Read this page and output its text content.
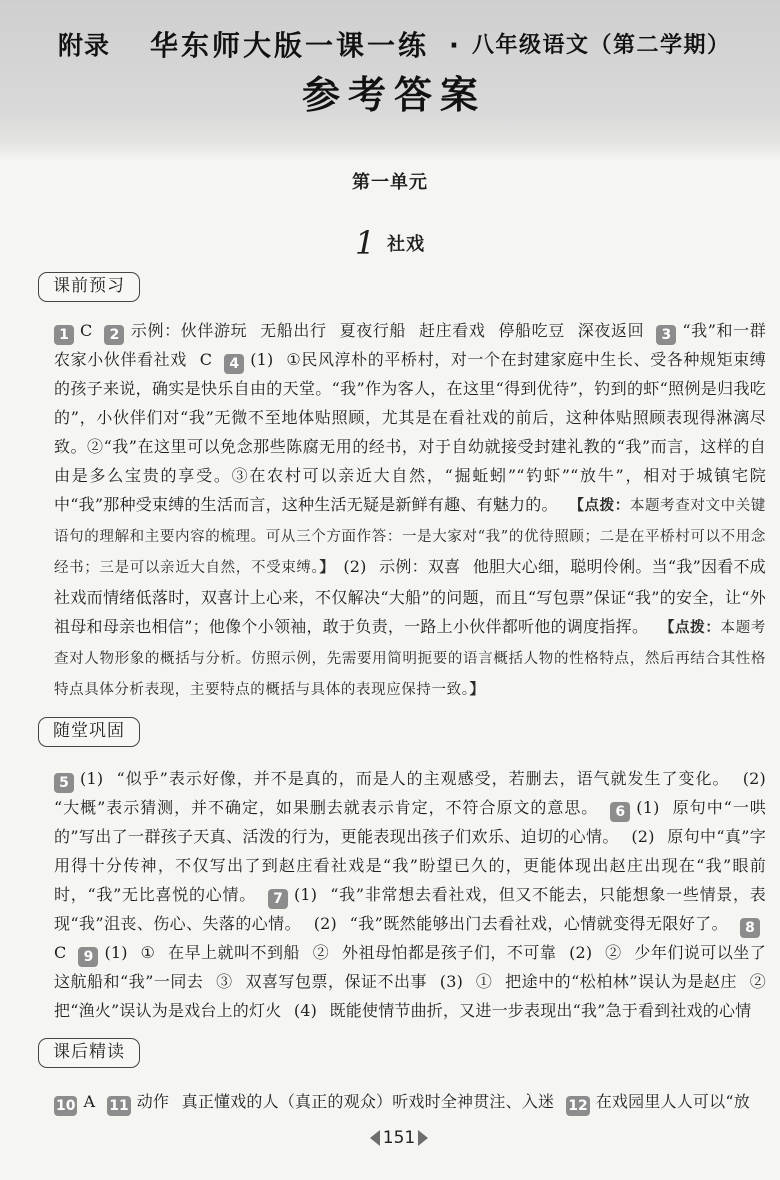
附录 华东师大版一课一练 · 八年级语文（第二学期）
参考答案
第一单元
1 社戏
课前预习

1 C 2 示例：伙伴游玩 无船出行 夏夜行船 赶庄看戏 停船吃豆 深夜返回 3 “我”和一群农家小伙伴看社戏 C 4 (1) ①民风淳朴的平桥村，对一个在封建家庭中生长、受各种规矩束缚的孩子来说，确实是快乐自由的天堂。“我”作为客人，在这里“得到优待”，钓到的虾“照例是归我吃的”，小伙伴们对“我”无微不至地体贴照顾，尤其是在看社戏的前后，这种体贴照顾表现得淋漓尽致。②“我”在这里可以免念那些陈腐无用的经书，对于自幼就接受封建礼教的“我”而言，这样的自由是多么宝贵的享受。③在农村可以亲近大自然，“掘蚯蚓”“钓虾”“放牛”，相对于城镇宅院中“我”那种受束缚的生活而言，这种生活无疑是新鲜有趣、有魅力的。 【点拨：本题考查对文中关键语句的理解和主要内容的梳理。可从三个方面作答：一是大家对“我”的优待照顾；二是在平桥村可以不用念经书；三是可以亲近大自然，不受束缚。】 (2) 示例：双喜 他胆大心细，聪明伶俐。当“我”因看不成社戏而情绪低落时，双喜计上心来，不仅解决“大船”的问题，而且“写包票”保证“我”的安全，让“外祖母和母亲也相信”；他像个小领袖，敢于负责，一路上小伙伴都听他的调度指挥。 【点拨：本题考查对人物形象的概括与分析。仿照示例，先需要用简明扼要的语言概括人物的性格特点，然后再结合其性格特点具体分析表现，主要特点的概括与具体的表现应保持一致。】

随堂巩固

5 (1) “似乎”表示好像，并不是真的，而是人的主观感受，若删去，语气就发生了变化。 (2) “大概”表示猜测，并不确定，如果删去就表示肯定，不符合原文的意思。 6 (1) 原句中“一哄的”写出了一群孩子天真、活泼的行为，更能表现出孩子们欢乐、迫切的心情。 (2) 原句中“真”字用得十分传神，不仅写出了到赵庄看社戏是“我”盼望已久的，更能体现出赵庄出现在“我”眼前时，“我”无比喜悦的心情。 7 (1) “我”非常想去看社戏，但又不能去，只能想象一些情景，表现“我”沮丧、伤心、失落的心情。 (2) “我”既然能够出门去看社戏，心情就变得无限好了。 8C 9 (1) ① 在早上就叫不到船 ② 外祖母怕都是孩子们，不可靠 (2) ② 少年们说可以坐了这航船和“我”一同去 ③ 双喜写包票，保证不出事 (3) ① 把途中的“松柏林”误认为是赵庄 ② 把“渔火”误认为是戏台上的灯火 (4) 既能使情节曲折，又进一步表现出“我”急于看到社戏的心情

课后精读

10 A 11 动作 真正懂戏的人（真正的观众）听戏时全神贯注、入迷 12 在戏园里人人可以“放

151
